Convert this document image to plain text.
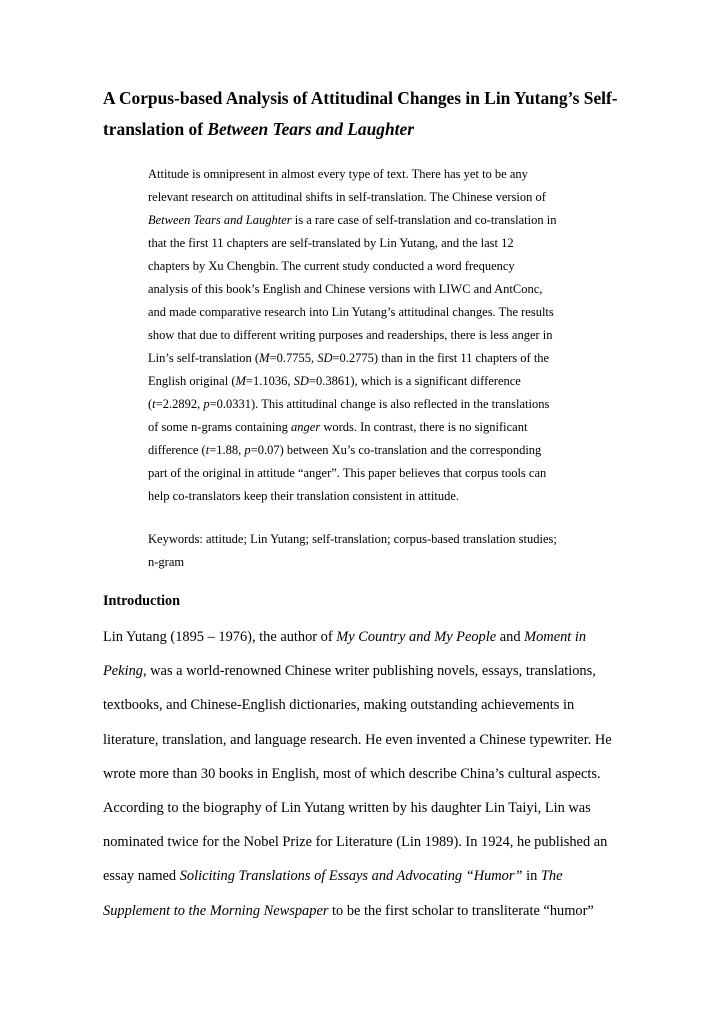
A Corpus-based Analysis of Attitudinal Changes in Lin Yutang’s Self-
translation of Between Tears and Laughter
Attitude is omnipresent in almost every type of text. There has yet to be any
relevant research on attitudinal shifts in self-translation. The Chinese version of
Between Tears and Laughter is a rare case of self-translation and co-translation in
that the first 11 chapters are self-translated by Lin Yutang, and the last 12
chapters by Xu Chengbin. The current study conducted a word frequency
analysis of this book’s English and Chinese versions with LIWC and AntConc,
and made comparative research into Lin Yutang’s attitudinal changes. The results
show that due to different writing purposes and readerships, there is less anger in
Lin’s self-translation (M=0.7755, SD=0.2775) than in the first 11 chapters of the
English original (M=1.1036, SD=0.3861), which is a significant difference
(t=2.2892, p=0.0331). This attitudinal change is also reflected in the translations
of some n-grams containing anger words. In contrast, there is no significant
difference (t=1.88, p=0.07) between Xu’s co-translation and the corresponding
part of the original in attitude “anger”. This paper believes that corpus tools can
help co-translators keep their translation consistent in attitude.
Keywords: attitude; Lin Yutang; self-translation; corpus-based translation studies;
n-gram
Introduction
Lin Yutang (1895 – 1976), the author of My Country and My People and Moment in
Peking, was a world-renowned Chinese writer publishing novels, essays, translations,
textbooks, and Chinese-English dictionaries, making outstanding achievements in
literature, translation, and language research. He even invented a Chinese typewriter. He
wrote more than 30 books in English, most of which describe China’s cultural aspects.
According to the biography of Lin Yutang written by his daughter Lin Taiyi, Lin was
nominated twice for the Nobel Prize for Literature (Lin 1989). In 1924, he published an
essay named Soliciting Translations of Essays and Advocating “Humor” in The
Supplement to the Morning Newspaper to be the first scholar to transliterate “humor”
